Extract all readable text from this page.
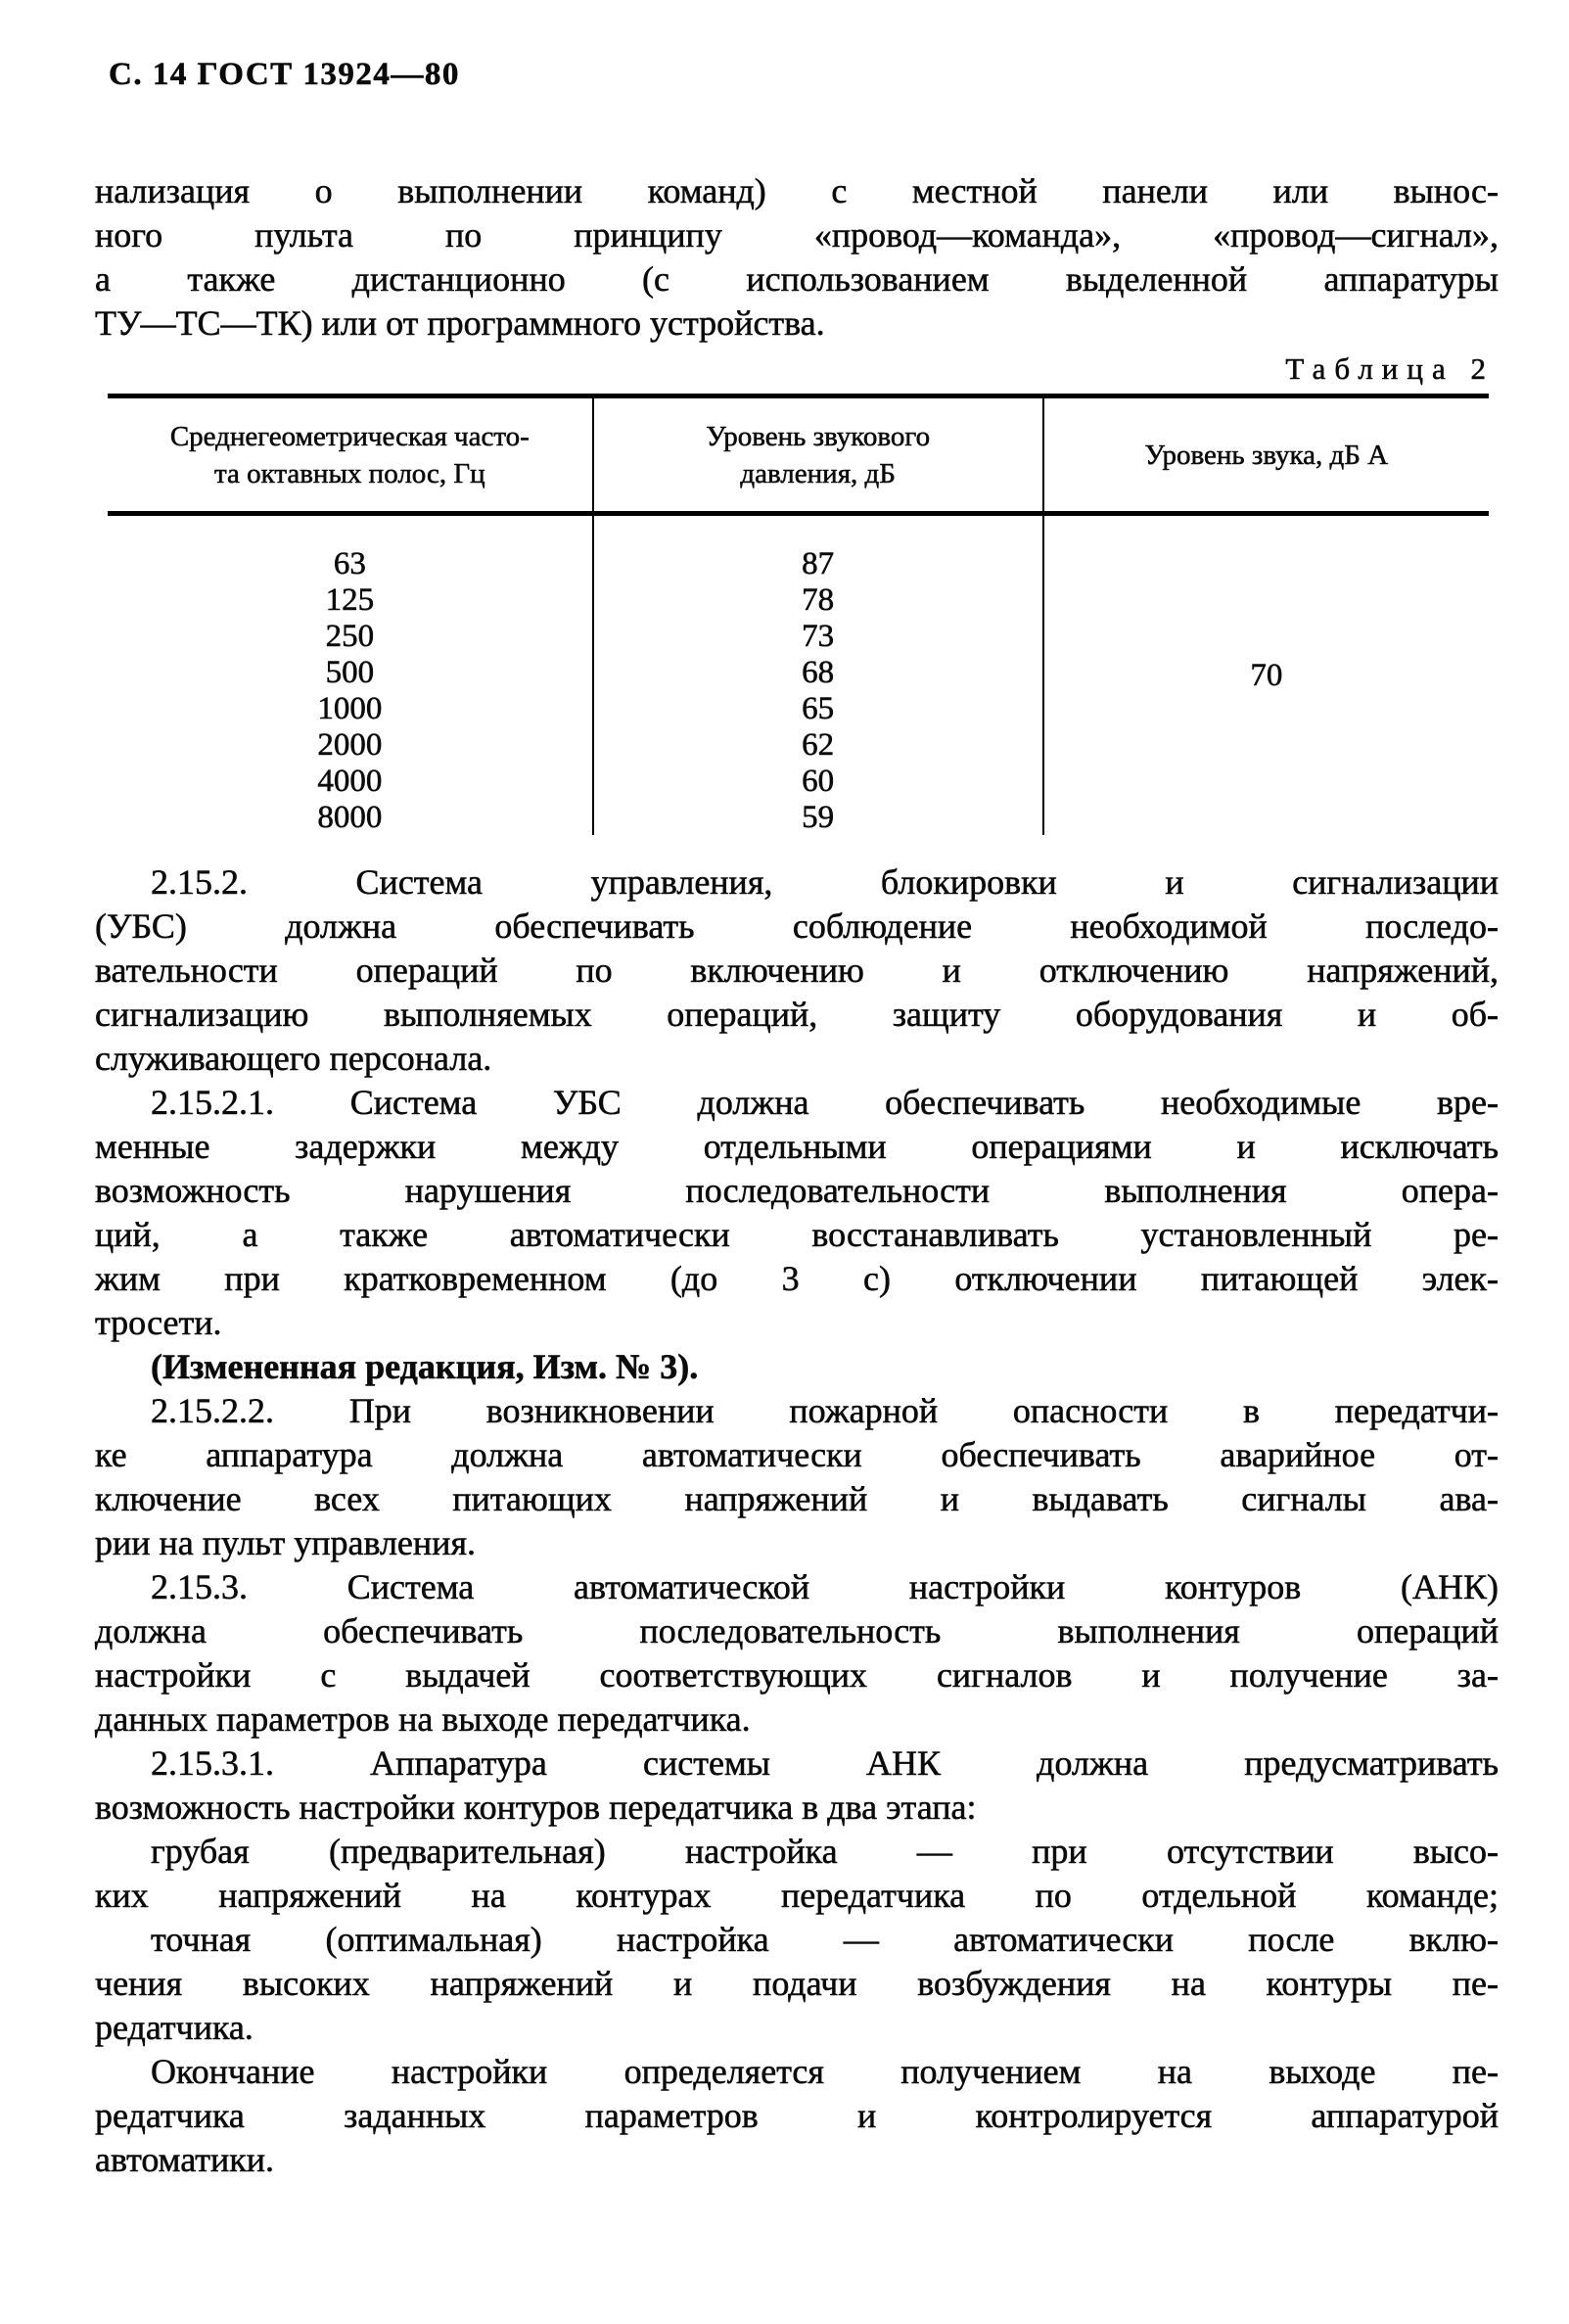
С. 14 ГОСТ 13924—80
нализация о выполнении команд) с местной панели или вынос-
ного пульта по принципу «провод—команда», «провод—сигнал»,
а также дистанционно (с использованием выделенной аппаратуры
ТУ—ТС—ТК) или от программного устройства.
Таблица 2
Среднегеометрическая часто-
та октавных полос, Гц
Уровень звукового
давления, дБ
Уровень звука, дБ А
63
125
250
500
1000
2000
4000
8000
87
78
73
68
65
62
60
59
70
2.15.2. Система управления, блокировки и сигнализации
(УБС) должна обеспечивать соблюдение необходимой последо-
вательности операций по включению и отключению напряжений,
сигнализацию выполняемых операций, защиту оборудования и об-
служивающего персонала.
2.15.2.1. Система УБС должна обеспечивать необходимые вре-
менные задержки между отдельными операциями и исключать
возможность нарушения последовательности выполнения опера-
ций, а также автоматически восстанавливать установленный ре-
жим при кратковременном (до 3 с) отключении питающей элек-
тросети.
(Измененная редакция, Изм. № 3).
2.15.2.2. При возникновении пожарной опасности в передатчи-
ке аппаратура должна автоматически обеспечивать аварийное от-
ключение всех питающих напряжений и выдавать сигналы ава-
рии на пульт управления.
2.15.3. Система автоматической настройки контуров (АНК)
должна обеспечивать последовательность выполнения операций
настройки с выдачей соответствующих сигналов и получение за-
данных параметров на выходе передатчика.
2.15.3.1. Аппаратура системы АНК должна предусматривать
возможность настройки контуров передатчика в два этапа:
грубая (предварительная) настройка — при отсутствии высо-
ких напряжений на контурах передатчика по отдельной команде;
точная (оптимальная) настройка — автоматически после вклю-
чения высоких напряжений и подачи возбуждения на контуры пе-
редатчика.
Окончание настройки определяется получением на выходе пе-
редатчика заданных параметров и контролируется аппаратурой
автоматики.
